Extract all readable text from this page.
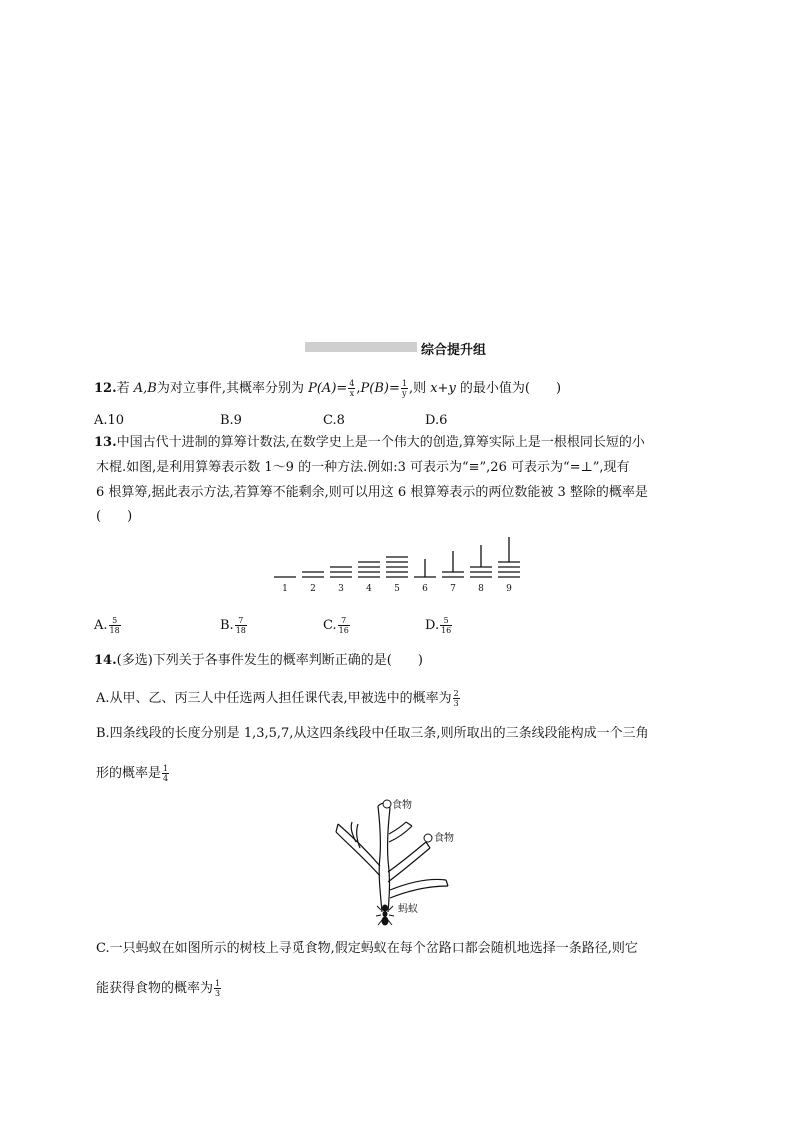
综合提升组
12.若 A,B为对立事件,其概率分别为 $P(A)= \frac{4}{x} ,P(B)= \frac{1}{y}$ ,则 x+y 的最小值为(　　)
A.10	B.9	C.8	D.6
13.中国古代十进制的算筹计数法,在数学史上是一个伟大的创造,算筹实际上是一根根同长短的小
木棍.如图,是利用算筹表示数 1～9 的一种方法.例如:3 可表示为“≡”,26 可表示为“=⊥”,现有
6 根算筹,据此表示方法,若算筹不能剩余,则可以用这 6 根算筹表示的两位数能被 3 整除的概率是
(　　)
1 2 3 4 5 6 7 8 9
A. $\frac{5}{18}$	B. $\frac{7}{18}$	C. $\frac{7}{16}$	D. $\frac{5}{16}$
14.(多选)下列关于各事件发生的概率判断正确的是(　　)
A.从甲、乙、丙三人中任选两人担任课代表,甲被选中的概率为 $\frac{2}{3}$
B.四条线段的长度分别是 1,3,5,7,从这四条线段中任取三条,则所取出的三条线段能构成一个三角
形的概率是 $\frac{1}{4}$
食物
食物
蚂蚁
C.一只蚂蚁在如图所示的树枝上寻觅食物,假定蚂蚁在每个岔路口都会随机地选择一条路径,则它
能获得食物的概率为 $\frac{1}{3}$
